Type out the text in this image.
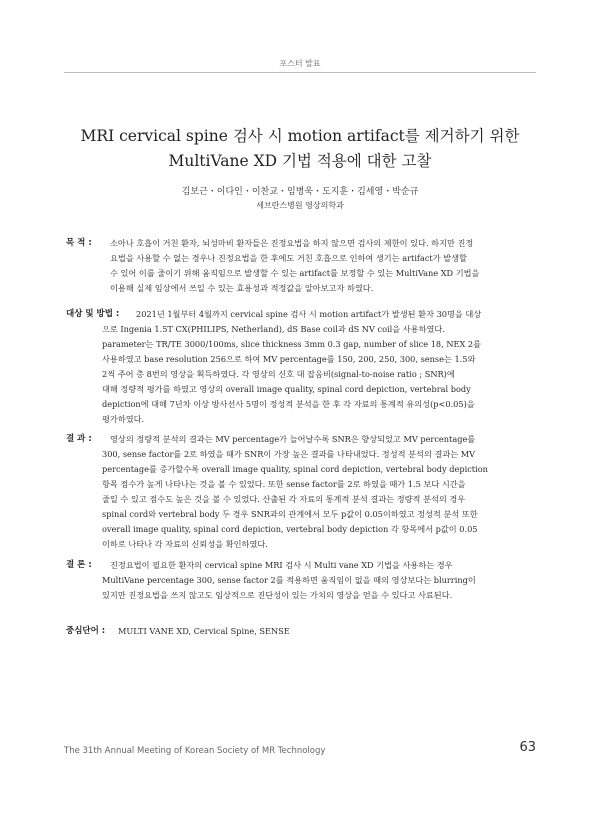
포스터 발표
MRI cervical spine 검사 시 motion artifact를 제거하기 위한
MultiVane XD 기법 적용에 대한 고찰
김보근・이다인・이찬교・임병욱・도지훈・김세영・박순규
세브란스병원 영상의학과
목 적 : 소아나 호흡이 거친 환자, 뇌성마비 환자들은 진정요법을 하지 않으면 검사의 제한이 있다. 하지만 진정
요법을 사용할 수 없는 경우나 진정요법을 한 후에도 거친 호흡으로 인하여 생기는 artifact가 발생할
수 있어 이를 줄이기 위해 움직임으로 발생할 수 있는 artifact를 보정할 수 있는 MultiVane XD 기법을
이용해 실제 임상에서 쓰일 수 있는 효용성과 적정값을 알아보고자 하였다.
대상 및 방법 : 2021년 1월부터 4월까지 cervical spine 검사 시 motion artifact가 발생된 환자 30명을 대상
으로 Ingenia 1.5T CX(PHILIPS, Netherland), dS Base coil과 dS NV coil을 사용하였다.
parameter는 TR/TE 3000/100ms, slice thickness 3mm 0.3 gap, number of slice 18, NEX 2를
사용하였고 base resolution 256으로 하여 MV percentage를 150, 200, 250, 300, sense는 1.5와
2씩 주어 총 8번의 영상을 획득하였다. 각 영상의 신호 대 잡음비(signal-to-noise ratio ; SNR)에
대해 정량적 평가를 하였고 영상의 overall image quality, spinal cord depiction, vertebral body
depiction에 대해 7년차 이상 방사선사 5명이 정성적 분석을 한 후 각 자료의 통계적 유의성(p<0.05)을
평가하였다.
결 과 : 영상의 정량적 분석의 결과는 MV percentage가 늘어날수록 SNR은 향상되었고 MV percentage를
300, sense factor를 2로 하였을 때가 SNR이 가장 높은 결과를 나타내었다. 정성적 분석의 결과는 MV
percentage를 증가할수록 overall image quality, spinal cord depiction, vertebral body depiction
항목 점수가 높게 나타나는 것을 볼 수 있었다. 또한 sense factor를 2로 하였을 때가 1.5 보다 시간을
줄일 수 있고 점수도 높은 것을 볼 수 있었다. 산출된 각 자료의 통계적 분석 결과는 정량적 분석의 경우
spinal cord와 vertebral body 두 경우 SNR과의 관계에서 모두 p값이 0.05이하였고 정성적 분석 또한
overall image quality, spinal cord depiction, vertebral body depiction 각 항목에서 p값이 0.05
이하로 나타나 각 자료의 신뢰성을 확인하였다.
결 론 : 진정요법이 필요한 환자의 cervical spine MRI 검사 시 Multi vane XD 기법을 사용하는 경우
MultiVane percentage 300, sense factor 2를 적용하면 움직임이 없을 때의 영상보다는 blurring이
있지만 진정요법을 쓰지 않고도 임상적으로 진단성이 있는 가치의 영상을 얻을 수 있다고 사료된다.
중심단어 : MULTI VANE XD, Cervical Spine, SENSE
The 31th Annual Meeting of Korean Society of MR Technology	63
